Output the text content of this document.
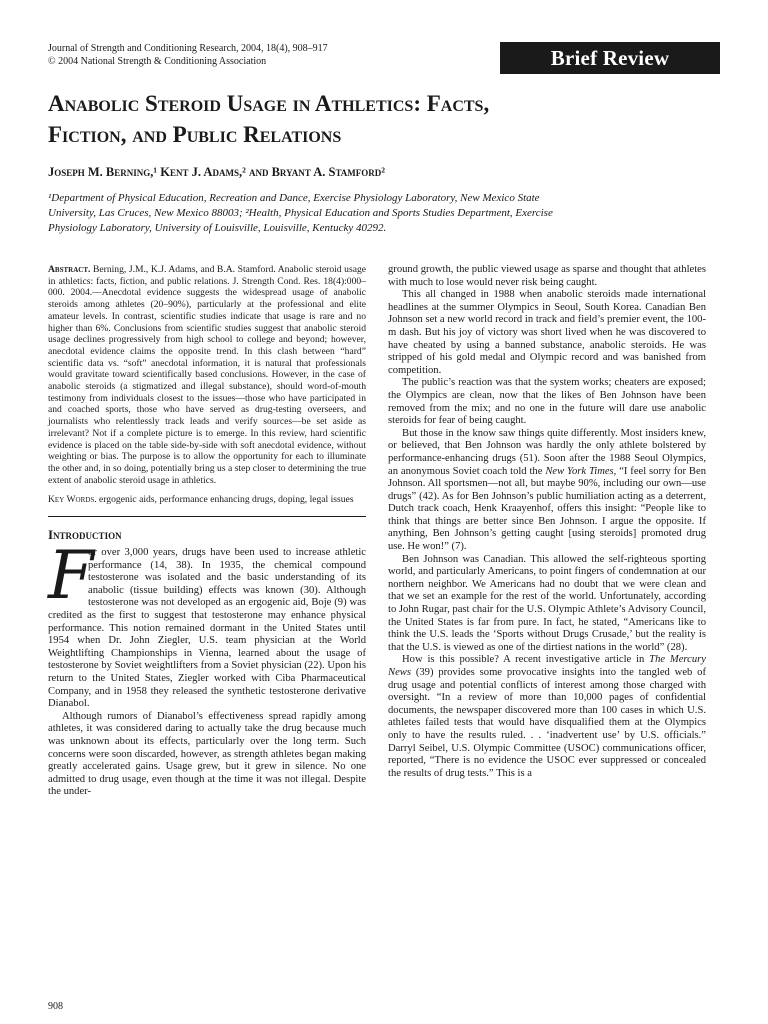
Journal of Strength and Conditioning Research, 2004, 18(4), 908–917
© 2004 National Strength & Conditioning Association	Brief Review
Anabolic Steroid Usage in Athletics: Facts,
Fiction, and Public Relations
Joseph M. Berning,¹ Kent J. Adams,² and Bryant A. Stamford²
¹Department of Physical Education, Recreation and Dance, Exercise Physiology Laboratory, New Mexico State
University, Las Cruces, New Mexico 88003; ²Health, Physical Education and Sports Studies Department, Exercise
Physiology Laboratory, University of Louisville, Louisville, Kentucky 40292.

Abstract. Berning, J.M., K.J. Adams, and B.A. Stamford. Anabolic steroid usage in athletics: facts, fiction, and public relations. J. Strength Cond. Res. 18(4):000–000. 2004.—Anecdotal evidence suggests the widespread usage of anabolic steroids among athletes (20–90%), particularly at the professional and elite amateur levels. In contrast, scientific studies indicate that usage is rare and no higher than 6%. Conclusions from scientific studies suggest that anabolic steroid usage declines progressively from high school to college and beyond; however, anecdotal evidence claims the opposite trend. In this clash between “hard” scientific data vs. “soft” anecdotal information, it is natural that professionals would gravitate toward scientifically based conclusions. However, in the case of anabolic steroids (a stigmatized and illegal substance), should word-of-mouth testimony from individuals closest to the issues—those who have participated in and coached sports, those who have served as drug-testing overseers, and journalists who relentlessly track leads and verify sources—be set aside as irrelevant? Not if a complete picture is to emerge. In this review, hard scientific evidence is placed on the table side-by-side with soft anecdotal evidence, without weighting or bias. The purpose is to allow the opportunity for each to illuminate the other and, in so doing, potentially bring us a step closer to determining the true extent of anabolic steroid usage in athletics.

Key Words. ergogenic aids, performance enhancing drugs, doping, legal issues

Introduction

F
or over 3,000 years, drugs have been used to increase athletic performance (14, 38). In 1935, the chemical compound testosterone was isolated and the basic understanding of its anabolic (tissue building) effects was known (30). Although testosterone was not developed as an ergogenic aid, Boje (9) was credited as the first to suggest that testosterone may enhance physical performance. This notion remained dormant in the United States until 1954 when Dr. John Ziegler, U.S. team physician at the World Weightlifting Championships in Vienna, learned about the usage of testosterone by Soviet weightlifters from a Soviet physician (22). Upon his return to the United States, Ziegler worked with Ciba Pharmaceutical Company, and in 1958 they released the synthetic testosterone derivative Dianabol.

Although rumors of Dianabol’s effectiveness spread rapidly among athletes, it was considered daring to actually take the drug because much was unknown about its effects, particularly over the long term. Such concerns were soon discarded, however, as strength athletes began making greatly accelerated gains. Usage grew, but it grew in silence. No one admitted to drug usage, even though at the time it was not illegal. Despite the under-

ground growth, the public viewed usage as sparse and thought that athletes with much to lose would never risk being caught.

This all changed in 1988 when anabolic steroids made international headlines at the summer Olympics in Seoul, South Korea. Canadian Ben Johnson set a new world record in track and field’s premier event, the 100-m dash. But his joy of victory was short lived when he was discovered to have cheated by using a banned substance, anabolic steroids. He was stripped of his gold medal and Olympic record and was banished from competition.

The public’s reaction was that the system works; cheaters are exposed; the Olympics are clean, now that the likes of Ben Johnson have been removed from the mix; and no one in the future will dare use anabolic steroids for fear of being caught.

But those in the know saw things quite differently. Most insiders knew, or believed, that Ben Johnson was hardly the only athlete bolstered by performance-enhancing drugs (51). Soon after the 1988 Seoul Olympics, an anonymous Soviet coach told the New York Times, “I feel sorry for Ben Johnson. All sportsmen—not all, but maybe 90%, including our own—use drugs” (42). As for Ben Johnson’s public humiliation acting as a deterrent, Dutch track coach, Henk Kraayenhof, offers this insight: “People like to think that things are better since Ben Johnson. I argue the opposite. If anything, Ben Johnson’s getting caught [using steroids] promoted drug use. He won!” (7).

Ben Johnson was Canadian. This allowed the self-righteous sporting world, and particularly Americans, to point fingers of condemnation at our northern neighbor. We Americans had no doubt that we were clean and that we set an example for the rest of the world. Unfortunately, according to John Rugar, past chair for the U.S. Olympic Athlete’s Advisory Council, the United States is far from pure. In fact, he stated, “Americans like to think the U.S. leads the ‘Sports without Drugs Crusade,’ but the reality is that the U.S. is viewed as one of the dirtiest nations in the world” (28).

How is this possible? A recent investigative article in The Mercury News (39) provides some provocative insights into the tangled web of drug usage and potential conflicts of interest among those charged with oversight. “In a review of more than 10,000 pages of confidential documents, the newspaper discovered more than 100 cases in which U.S. athletes failed tests that would have disqualified them at the Olympics only to have the results ruled. . . ‘inadvertent use’ by U.S. officials.” Darryl Seibel, U.S. Olympic Committee (USOC) communications officer, reported, “There is no evidence the USOC ever suppressed or concealed the results of drug tests.” This is a

908
